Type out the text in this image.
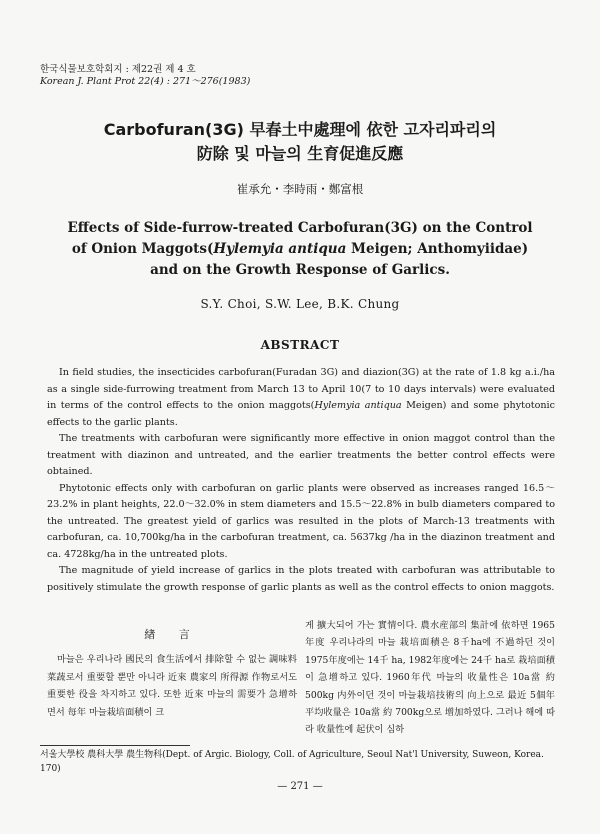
한국식물보호학회지 : 제22권 제 4 호
Korean J. Plant Prot 22(4) : 271～276(1983)
Carbofuran(3G) 早春土中處理에 依한 고자리파리의
防除 및 마늘의 生育促進反應
崔承允・李時雨・鄭富根
Effects of Side-furrow-treated Carbofuran(3G) on the Control
of Onion Maggots(Hylemyia antiqua Meigen; Anthomyiidae)
and on the Growth Response of Garlics.
S.Y. Choi, S.W. Lee, B.K. Chung
ABSTRACT

In field studies, the insecticides carbofuran(Furadan 3G) and diazion(3G) at the rate of 1.8 kg a.i./ha as a single side-furrowing treatment from March 13 to April 10(7 to 10 days intervals) were evaluated in terms of the control effects to the onion maggots(Hylemyia antiqua Meigen) and some phytotonic effects to the garlic plants.

The treatments with carbofuran were significantly more effective in onion maggot control than the treatment with diazinon and untreated, and the earlier treatments the better control effects were obtained.

Phytotonic effects only with carbofuran on garlic plants were observed as increases ranged 16.5～23.2% in plant heights, 22.0～32.0% in stem diameters and 15.5～22.8% in bulb diameters compared to the untreated. The greatest yield of garlics was resulted in the plots of March-13 treatments with carbofuran, ca. 10,700kg/ha in the carbofuran treatment, ca. 5637kg /ha in the diazinon treatment and ca. 4728kg/ha in the untreated plots.

The magnitude of yield increase of garlics in the plots treated with carbofuran was attributable to positively stimulate the growth response of garlic plants as well as the control effects to onion maggots.

緖 言

마늘은 우리나라 國民의 食生活에서 排除할 수 없는 調味料 菜蔬로서 重要할 뿐만 아니라 近來 農家의 所得源 作物로서도 重要한 役을 차지하고 있다. 또한 近來 마늘의 需要가 急增하면서 每年 마늘栽培面積이 크

게 擴大되어 가는 實情이다. 農水産部의 集計에 依하면 1965年度 우리나라의 마늘 栽培面積은 8千ha에 不過하던 것이 1975年度에는 14千 ha, 1982年度에는 24千 ha로 栽培面積이 急增하고 있다. 1960年代 마늘의 收量性은 10a當 約 500kg 内外이던 것이 마늘栽培技術의 向上으로 最近 5個年 平均收量은 10a當 約 700kg으로 增加하였다. 그러나 해에 따라 收量性에 起伏이 심하

서울大學校 農科大學 農生物科(Dept. of Argic. Biology, Coll. of Agriculture, Seoul Nat'l University, Suweon, Korea. 170)
— 271 —
